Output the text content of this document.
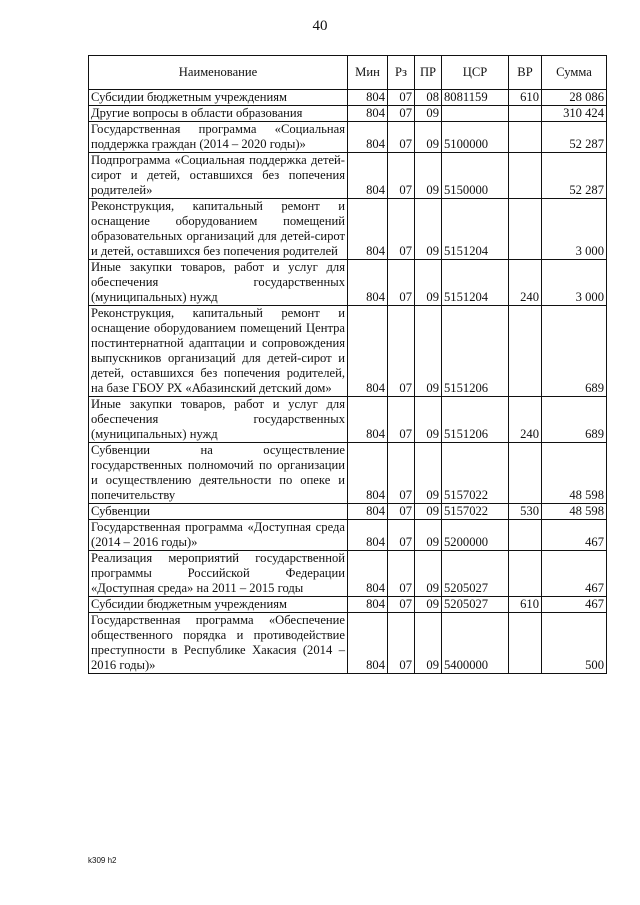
40
Наименование	Мин	Рз	ПР	ЦСР	ВР	Сумма
Субсидии бюджетным учреждениям	804	07	08	8081159	610	28 086
Другие вопросы в области образования	804	07	09			310 424
Государственная программа «Социальная поддержка граждан (2014 – 2020 годы)»	804	07	09	5100000		52 287
Подпрограмма «Социальная поддержка детей-сирот и детей, оставшихся без попечения родителей»	804	07	09	5150000		52 287
Реконструкция, капитальный ремонт и оснащение оборудованием помещений образовательных организаций для детей-сирот и детей, оставшихся без попечения родителей	804	07	09	5151204		3 000
Иные закупки товаров, работ и услуг для обеспечения государственных (муниципальных) нужд	804	07	09	5151204	240	3 000
Реконструкция, капитальный ремонт и оснащение оборудованием помещений Центра постинтернатной адаптации и сопровождения выпускников организаций для детей-сирот и детей, оставшихся без попечения родителей, на базе ГБОУ РХ «Абазинский детский дом»	804	07	09	5151206		689
Иные закупки товаров, работ и услуг для обеспечения государственных (муниципальных) нужд	804	07	09	5151206	240	689
Субвенции на осуществление государственных полномочий по организации и осуществлению деятельности по опеке и попечительству	804	07	09	5157022		48 598
Субвенции	804	07	09	5157022	530	48 598
Государственная программа «Доступная среда (2014 – 2016 годы)»	804	07	09	5200000		467
Реализация мероприятий государственной программы Российской Федерации «Доступная среда» на 2011 – 2015 годы	804	07	09	5205027		467
Субсидии бюджетным учреждениям	804	07	09	5205027	610	467
Государственная программа «Обеспечение общественного порядка и противодействие преступности в Республике Хакасия (2014 – 2016 годы)»	804	07	09	5400000		500
k309 h2
